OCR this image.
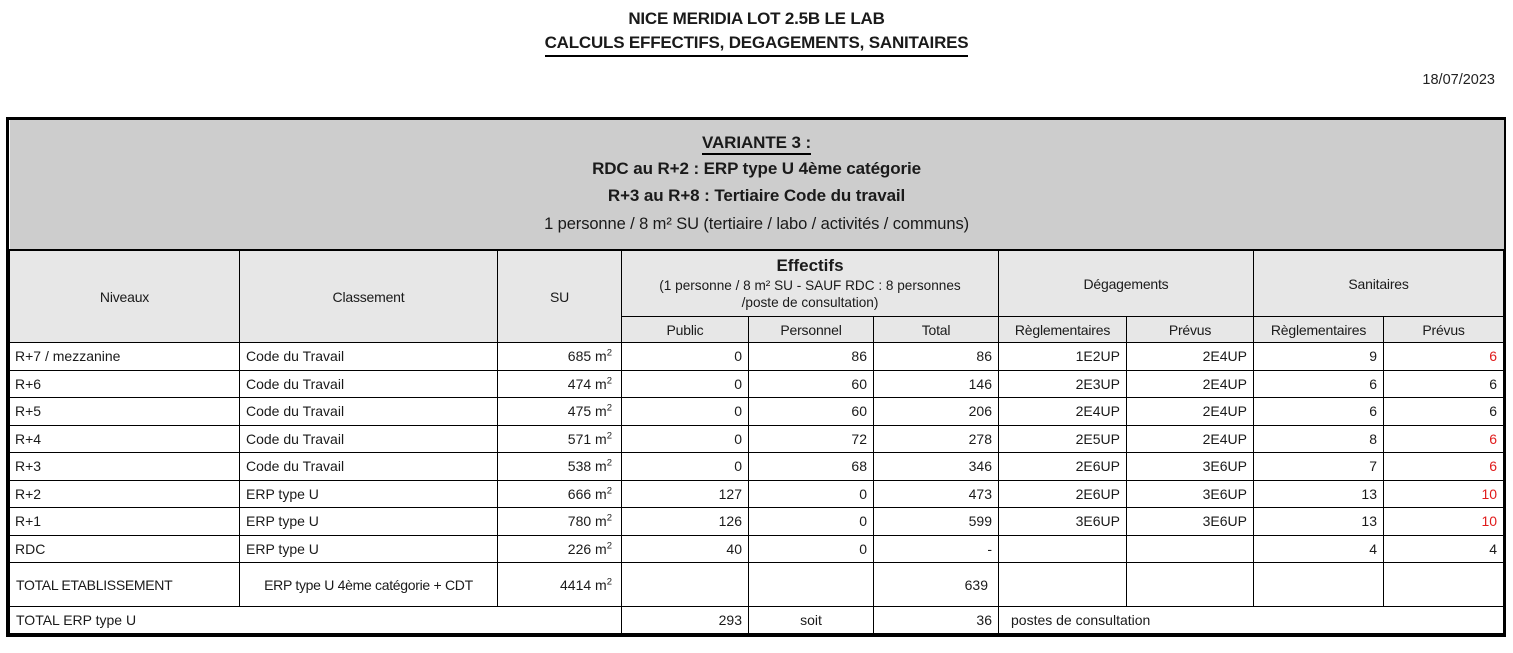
NICE MERIDIA LOT 2.5B LE LAB
CALCULS EFFECTIFS, DEGAGEMENTS, SANITAIRES
18/07/2023
VARIANTE 3 :
RDC au R+2 : ERP type U 4ème catégorie
R+3 au R+8 : Tertiaire Code du travail
1 personne / 8 m² SU (tertiaire / labo / activités / communs)									

Niveaux	Classement	SU	Effectifs
(1 personne / 8 m² SU - SAUF RDC : 8 personnes
/poste de consultation)			Dégagements		Sanitaires	
			Public	Personnel	Total	Règlementaires	Prévus	Règlementaires	Prévus
R+7 / mezzanine	Code du Travail	685 $m^2$	0	86	86	1E2UP	2E4UP	9	6
R+6	Code du Travail	474 $m^2$	0	60	146	2E3UP	2E4UP	6	6
R+5	Code du Travail	475 $m^2$	0	60	206	2E4UP	2E4UP	6	6
R+4	Code du Travail	571 $m^2$	0	72	278	2E5UP	2E4UP	8	6
R+3	Code du Travail	538 $m^2$	0	68	346	2E6UP	3E6UP	7	6
R+2	ERP type U	666 $m^2$	127	0	473	2E6UP	3E6UP	13	10
R+1	ERP type U	780 $m^2$	126	0	599	3E6UP	3E6UP	13	10
RDC	ERP type U	226 $m^2$	40	0	-			4	4
TOTAL ETABLISSEMENT	ERP type U 4ème catégorie + CDT	4414 $m^2$			639				
TOTAL ERP type U			293	soit	36	postes de consultation			
